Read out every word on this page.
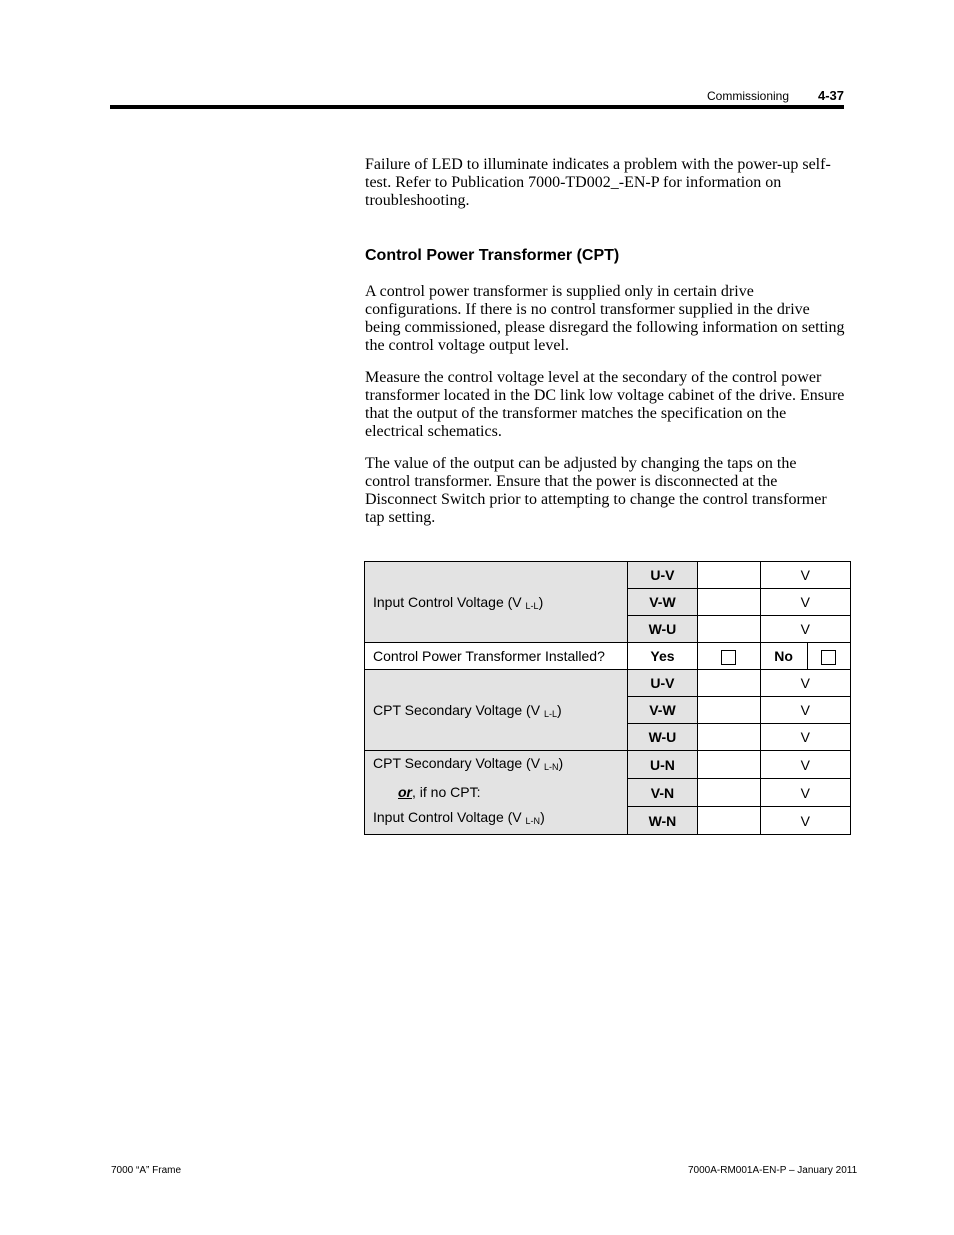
Commissioning 4-37

Failure of LED to illuminate indicates a problem with the power-up self-test. Refer to Publication 7000-TD002_-EN-P for information on troubleshooting.

Control Power Transformer (CPT)

A control power transformer is supplied only in certain drive configurations. If there is no control transformer supplied in the drive being commissioned, please disregard the following information on setting the control voltage output level.

Measure the control voltage level at the secondary of the control power transformer located in the DC link low voltage cabinet of the drive. Ensure that the output of the transformer matches the specification on the electrical schematics.

The value of the output can be adjusted by changing the taps on the control transformer. Ensure that the power is disconnected at the Disconnect Switch prior to attempting to change the control transformer tap setting.

Input Control Voltage (V $_{L-L}$)	U-V		V
	V-W		V
	W-U		V
Control Power Transformer Installed?	Yes		No

CPT Secondary Voltage (V $_{L-L}$)	U-V		V
	V-W		V
	W-U		V

CPT Secondary Voltage (V $_{L-N}$)
or, if no CPT:
Input Control Voltage (V $_{L-N}$)	U-N		V
	V-N		V
	W-N		V
7000 “A” Frame	7000A-RM001A-EN-P – January 2011
